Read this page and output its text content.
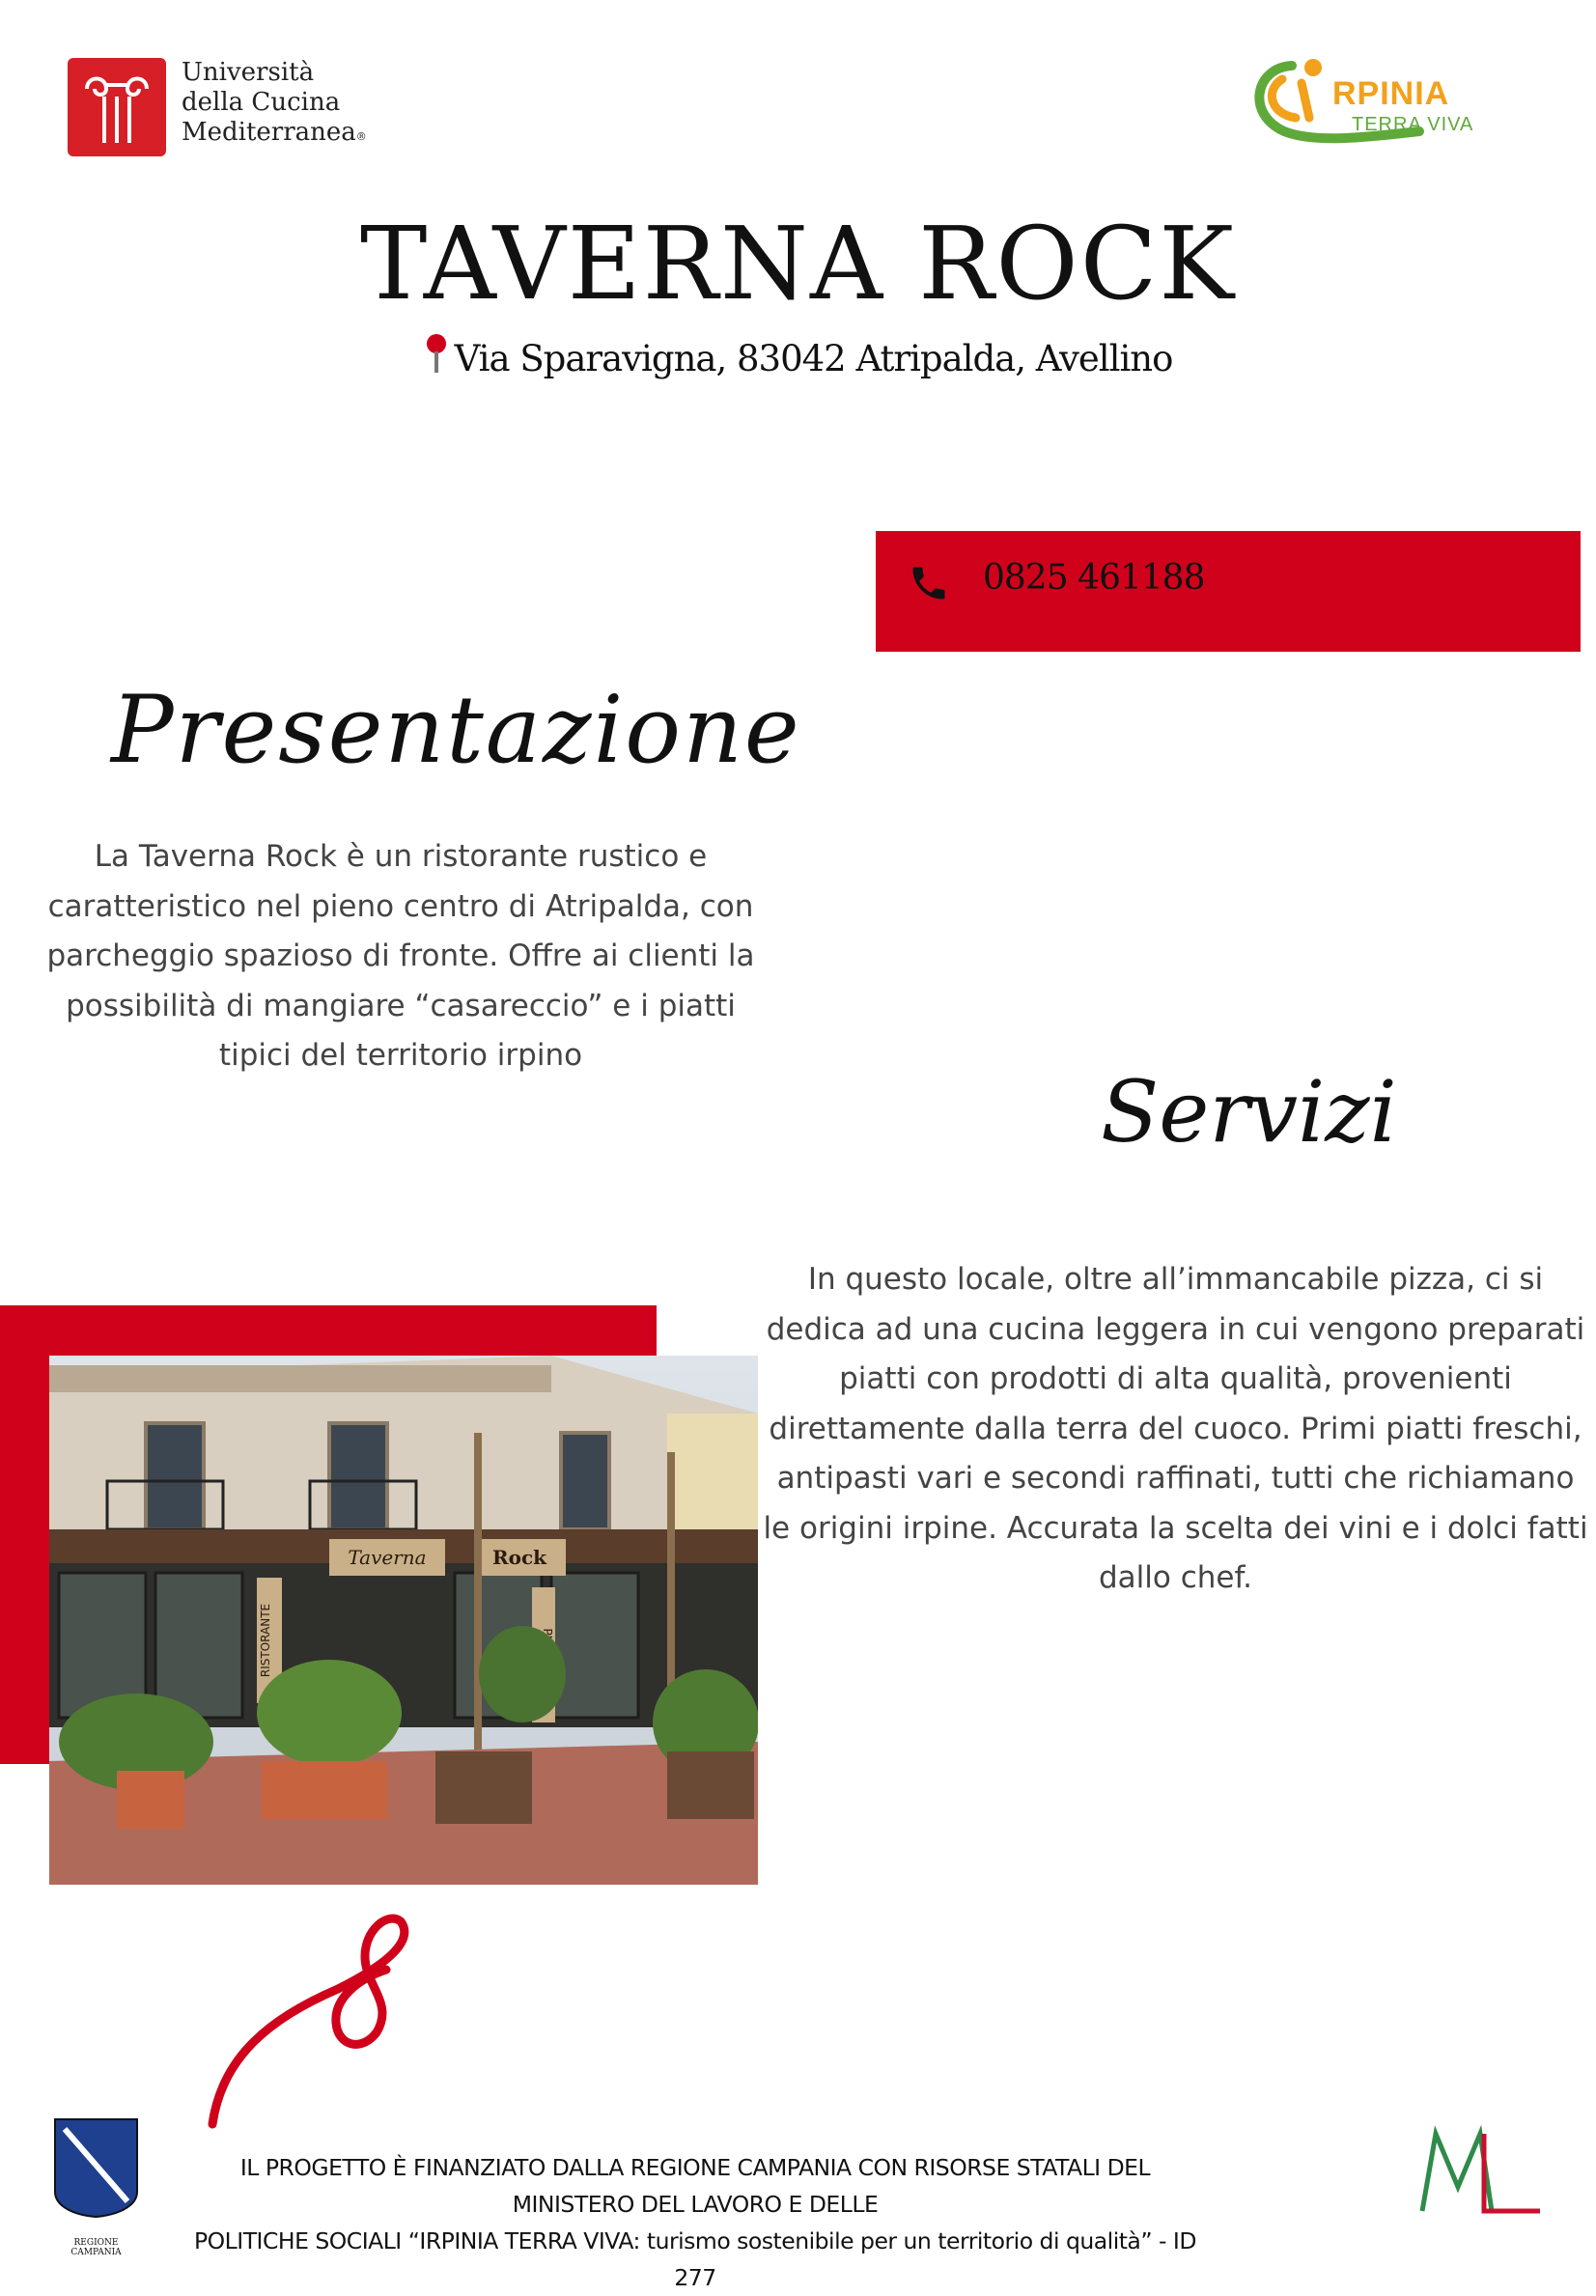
Università
della Cucina
Mediterranea®
RPINIA
TERRA VIVA
TAVERNA ROCK
Via Sparavigna, 83042 Atripalda, Avellino
0825 461188
Presentazione
La Taverna Rock è un ristorante rustico e caratteristico nel pieno centro di Atripalda, con parcheggio spazioso di fronte. Offre ai clienti la possibilità di mangiare “casareccio” e i piatti tipici del territorio irpino
Servizi
In questo locale, oltre all’immancabile pizza, ci si dedica ad una cucina leggera in cui vengono preparati piatti con prodotti di alta qualità, provenienti direttamente dalla terra del cuoco. Primi piatti freschi, antipasti vari e secondi raffinati, tutti che richiamano le origini irpine. Accurata la scelta dei vini e i dolci fatti dallo chef.
Taverna	Rock
RISTORANTE
REGIONE CAMPANIA
IL PROGETTO È FINANZIATO DALLA REGIONE CAMPANIA CON RISORSE STATALI DEL MINISTERO DEL LAVORO E DELLE
POLITICHE SOCIALI “IRPINIA TERRA VIVA: turismo sostenibile per un territorio di qualità” - ID 277
ML
